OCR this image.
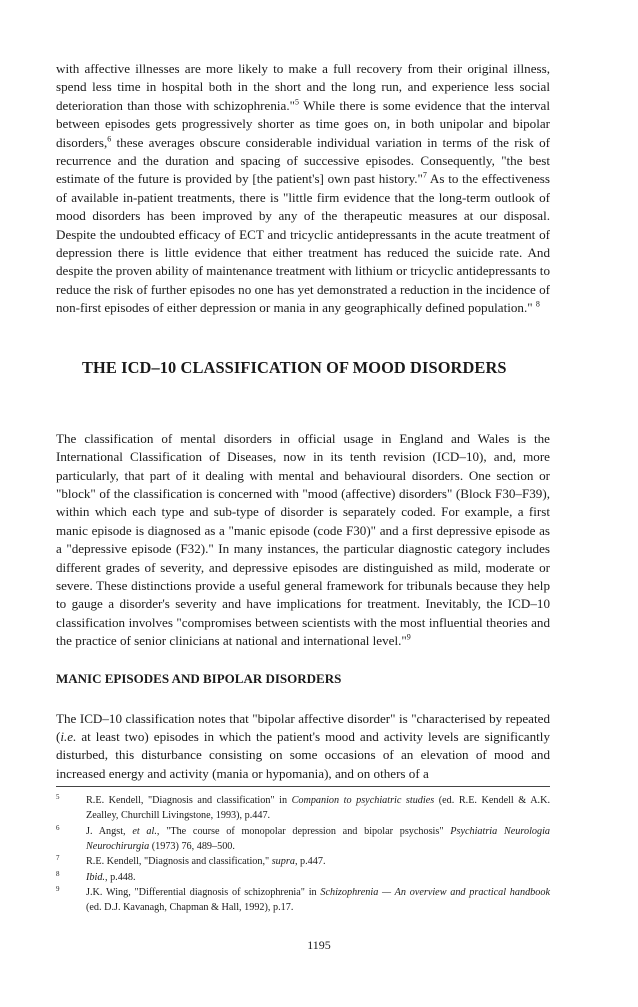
with affective illnesses are more likely to make a full recovery from their original illness, spend less time in hospital both in the short and the long run, and experience less social deterioration than those with schizophrenia."$^5$ While there is some evidence that the interval between episodes gets progressively shorter as time goes on, in both unipolar and bipolar disorders,$^6$ these averages obscure considerable individual variation in terms of the risk of recurrence and the duration and spacing of successive episodes. Consequently, "the best estimate of the future is provided by [the patient's] own past history."$^7$ As to the effectiveness of available in-patient treatments, there is "little firm evidence that the long-term outlook of mood disorders has been improved by any of the therapeutic measures at our disposal. Despite the undoubted efficacy of ECT and tricyclic antidepressants in the acute treatment of depression there is little evidence that either treatment has reduced the suicide rate. And despite the proven ability of maintenance treatment with lithium or tricyclic antidepressants to reduce the risk of further episodes no one has yet demonstrated a reduction in the incidence of non-first episodes of either depression or mania in any geographically defined population." $^8$

THE ICD–10 CLASSIFICATION OF MOOD DISORDERS

The classification of mental disorders in official usage in England and Wales is the International Classification of Diseases, now in its tenth revision (ICD–10), and, more particularly, that part of it dealing with mental and behavioural disorders. One section or "block" of the classification is concerned with "mood (affective) disorders" (Block F30–F39), within which each type and sub-type of disorder is separately coded. For example, a first manic episode is diagnosed as a "manic episode (code F30)" and a first depressive episode as a "depressive episode (F32)." In many instances, the particular diagnostic category includes different grades of severity, and depressive episodes are distinguished as mild, moderate or severe. These distinctions provide a useful general framework for tribunals because they help to gauge a disorder's severity and have implications for treatment. Inevitably, the ICD–10 classification involves "compromises between scientists with the most influential theories and the practice of senior clinicians at national and international level."$^9$

MANIC EPISODES AND BIPOLAR DISORDERS

The ICD–10 classification notes that "bipolar affective disorder" is "characterised by repeated (i.e. at least two) episodes in which the patient's mood and activity levels are significantly disturbed, this disturbance consisting on some occasions of an elevation of mood and increased energy and activity (mania or hypomania), and on others of a

5	R.E. Kendell, "Diagnosis and classification" in Companion to psychiatric studies (ed. R.E. Kendell & A.K. Zealley, Churchill Livingstone, 1993), p.447.
6	J. Angst, et al., "The course of monopolar depression and bipolar psychosis" Psychiatria Neurologia Neurochirurgia (1973) 76, 489–500.
7	R.E. Kendell, "Diagnosis and classification," supra, p.447.
8	Ibid., p.448.
9	J.K. Wing, "Differential diagnosis of schizophrenia" in Schizophrenia — An overview and practical handbook (ed. D.J. Kavanagh, Chapman & Hall, 1992), p.17.
1195
